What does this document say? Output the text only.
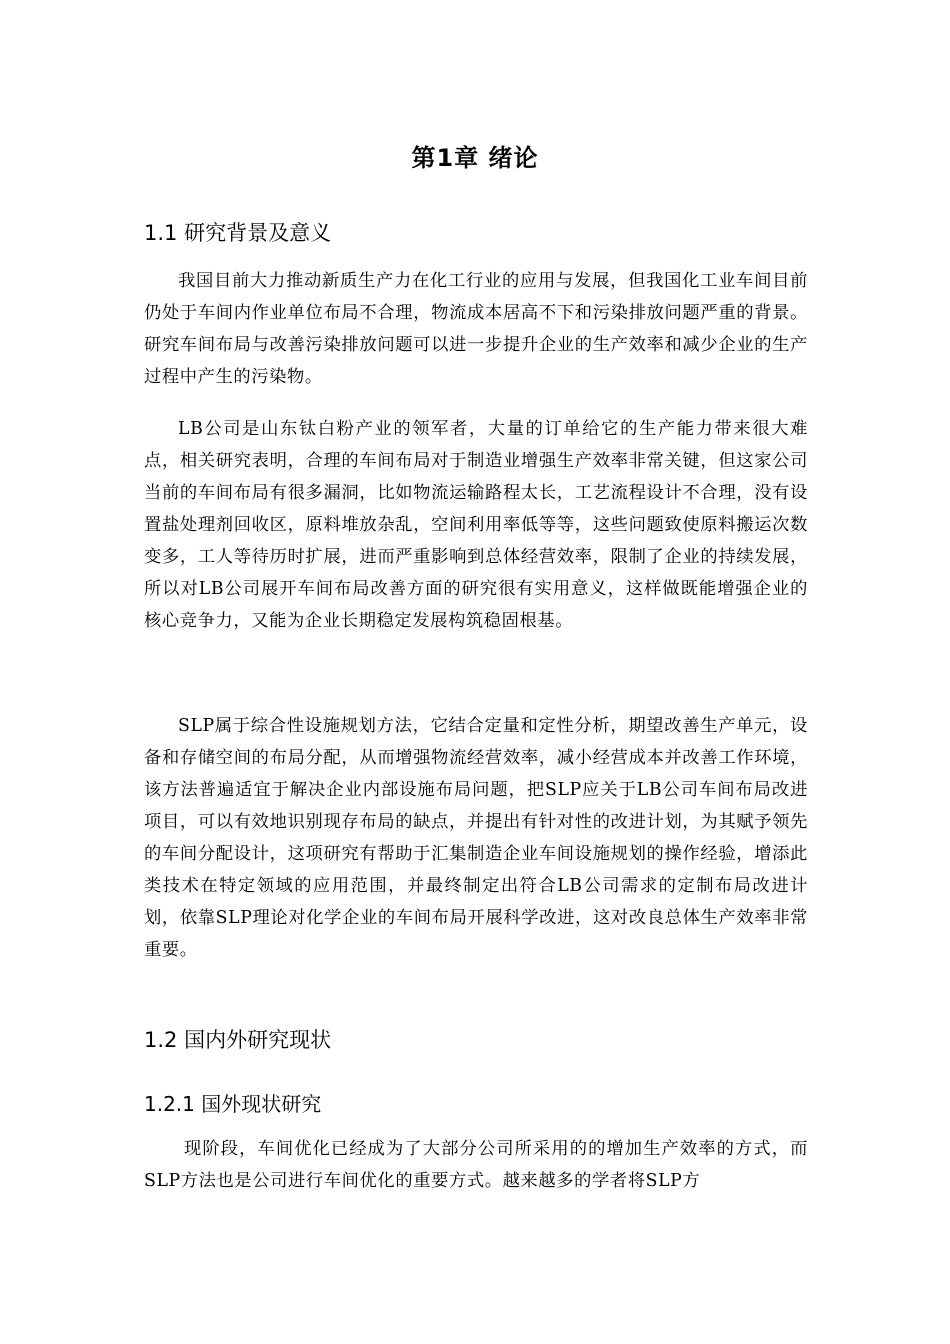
第1章 绪论
1.1 研究背景及意义

我国目前大力推动新质生产力在化工行业的应用与发展，但我国化工业车间目前仍处于车间内作业单位布局不合理，物流成本居高不下和污染排放问题严重的背景。研究车间布局与改善污染排放问题可以进一步提升企业的生产效率和减少企业的生产过程中产生的污染物。

LB公司是山东钛白粉产业的领军者，大量的订单给它的生产能力带来很大难点，相关研究表明，合理的车间布局对于制造业增强生产效率非常关键，但这家公司当前的车间布局有很多漏洞，比如物流运输路程太长，工艺流程设计不合理，没有设置盐处理剂回收区，原料堆放杂乱，空间利用率低等等，这些问题致使原料搬运次数变多，工人等待历时扩展，进而严重影响到总体经营效率，限制了企业的持续发展，所以对LB公司展开车间布局改善方面的研究很有实用意义，这样做既能增强企业的核心竞争力，又能为企业长期稳定发展构筑稳固根基。

SLP属于综合性设施规划方法，它结合定量和定性分析，期望改善生产单元，设备和存储空间的布局分配，从而增强物流经营效率，减小经营成本并改善工作环境，该方法普遍适宜于解决企业内部设施布局问题，把SLP应关于LB公司车间布局改进项目，可以有效地识别现存布局的缺点，并提出有针对性的改进计划，为其赋予领先的车间分配设计，这项研究有帮助于汇集制造企业车间设施规划的操作经验，增添此类技术在特定领域的应用范围，并最终制定出符合LB公司需求的定制布局改进计划，依靠SLP理论对化学企业的车间布局开展科学改进，这对改良总体生产效率非常重要。

1.2 国内外研究现状
1.2.1 国外现状研究

现阶段，车间优化已经成为了大部分公司所采用的的增加生产效率的方式，而SLP方法也是公司进行车间优化的重要方式。越来越多的学者将SLP方
